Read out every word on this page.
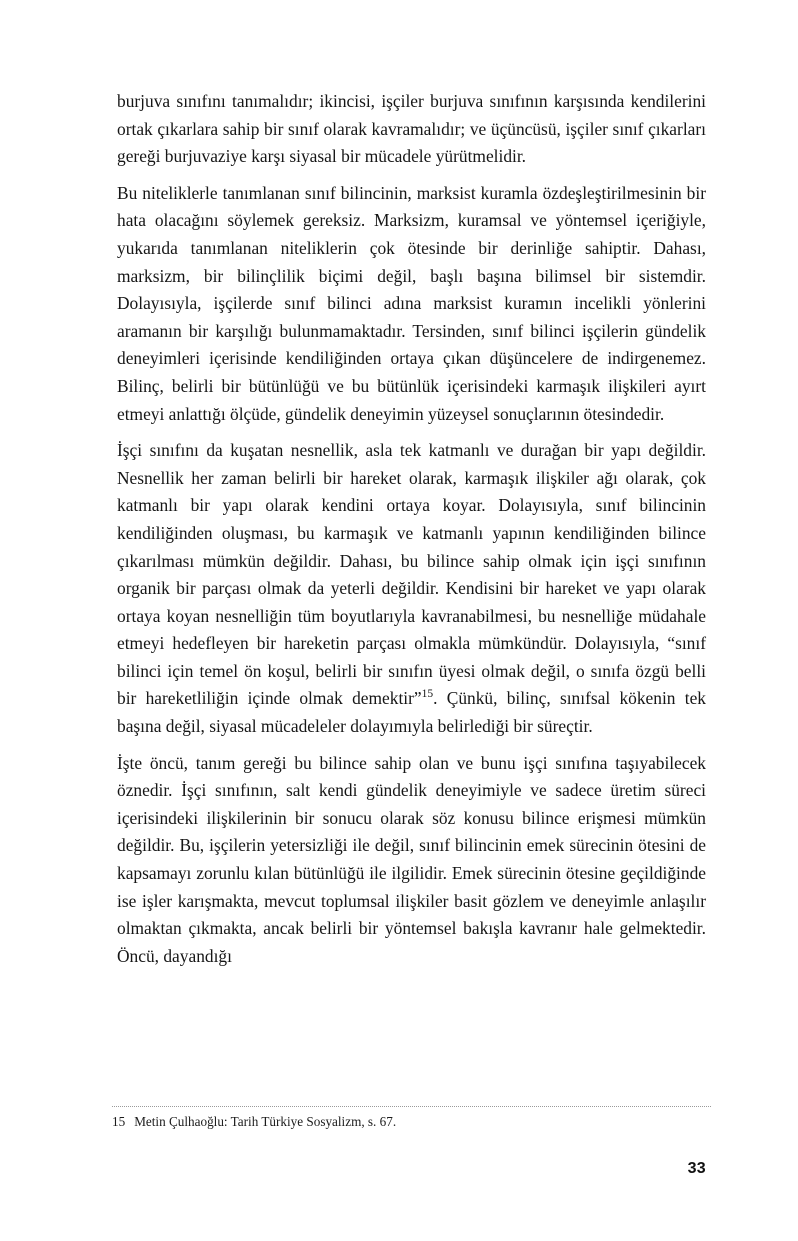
burjuva sınıfını tanımalıdır; ikincisi, işçiler burjuva sınıfının karşısında kendilerini ortak çıkarlara sahip bir sınıf olarak kavramalıdır; ve üçüncüsü, işçiler sınıf çıkarları gereği burjuvaziye karşı siyasal bir mücadele yürütmelidir.

Bu niteliklerle tanımlanan sınıf bilincinin, marksist kuramla özdeşleştirilmesinin bir hata olacağını söylemek gereksiz. Marksizm, kuramsal ve yöntemsel içeriğiyle, yukarıda tanımlanan niteliklerin çok ötesinde bir derinliğe sahiptir. Dahası, marksizm, bir bilinçlilik biçimi değil, başlı başına bilimsel bir sistemdir. Dolayısıyla, işçilerde sınıf bilinci adına marksist kuramın incelikli yönlerini aramanın bir karşılığı bulunmamaktadır. Tersinden, sınıf bilinci işçilerin gündelik deneyimleri içerisinde kendiliğinden ortaya çıkan düşüncelere de indirgenemez. Bilinç, belirli bir bütünlüğü ve bu bütünlük içerisindeki karmaşık ilişkileri ayırt etmeyi anlattığı ölçüde, gündelik deneyimin yüzeysel sonuçlarının ötesindedir.

İşçi sınıfını da kuşatan nesnellik, asla tek katmanlı ve durağan bir yapı değildir. Nesnellik her zaman belirli bir hareket olarak, karmaşık ilişkiler ağı olarak, çok katmanlı bir yapı olarak kendini ortaya koyar. Dolayısıyla, sınıf bilincinin kendiliğinden oluşması, bu karmaşık ve katmanlı yapının kendiliğinden bilince çıkarılması mümkün değildir. Dahası, bu bilince sahip olmak için işçi sınıfının organik bir parçası olmak da yeterli değildir. Kendisini bir hareket ve yapı olarak ortaya koyan nesnelliğin tüm boyutlarıyla kavranabilmesi, bu nesnelliğe müdahale etmeyi hedefleyen bir hareketin parçası olmakla mümkündür. Dolayısıyla, “sınıf bilinci için temel ön koşul, belirli bir sınıfın üyesi olmak değil, o sınıfa özgü belli bir hareketliliğin içinde olmak demektir”$^{15}$. Çünkü, bilinç, sınıfsal kökenin tek başına değil, siyasal mücadeleler dolayımıyla belirlediği bir süreçtir.

İşte öncü, tanım gereği bu bilince sahip olan ve bunu işçi sınıfına taşıyabilecek öznedir. İşçi sınıfının, salt kendi gündelik deneyimiyle ve sadece üretim süreci içerisindeki ilişkilerinin bir sonucu olarak söz konusu bilince erişmesi mümkün değildir. Bu, işçilerin yetersizliği ile değil, sınıf bilincinin emek sürecinin ötesini de kapsamayı zorunlu kılan bütünlüğü ile ilgilidir. Emek sürecinin ötesine geçildiğinde ise işler karışmakta, mevcut toplumsal ilişkiler basit gözlem ve deneyimle anlaşılır olmaktan çıkmakta, ancak belirli bir yöntemsel bakışla kavranır hale gelmektedir. Öncü, dayandığı

15 Metin Çulhaoğlu: Tarih Türkiye Sosyalizm, s. 67.

33
